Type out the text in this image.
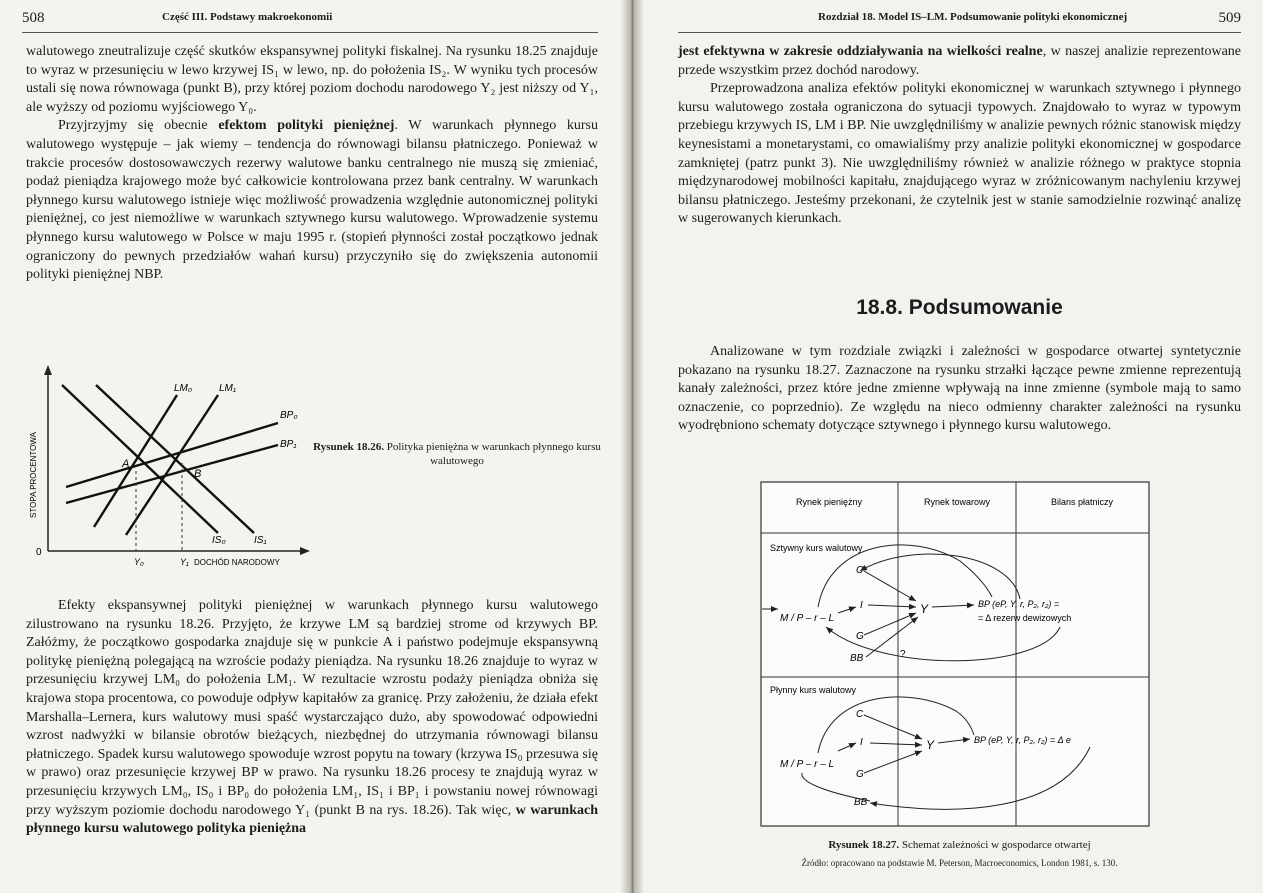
508	Część III. Podstawy makroekonomii

walutowego zneutralizuje część skutków ekspansywnej polityki fiskalnej. Na rysunku 18.25 znajduje to wyraz w przesunięciu w lewo krzywej IS₁ w lewo, np. do położenia IS₂. W wyniku tych procesów ustali się nowa równowaga (punkt B), przy której poziom dochodu narodowego Y₂ jest niższy od Y₁, ale wyższy od poziomu wyjściowego Y₀.

Przyjrzyjmy się obecnie efektom polityki pieniężnej. W warunkach płynnego kursu walutowego występuje – jak wiemy – tendencja do równowagi bilansu płatniczego. Ponieważ w trakcie procesów dostosowawczych rezerwy walutowe banku centralnego nie muszą się zmieniać, podaż pieniądza krajowego może być całkowicie kontrolowana przez bank centralny. W warunkach płynnego kursu walutowego istnieje więc możliwość prowadzenia względnie autonomicznej polityki pieniężnej, co jest niemożliwe w warunkach sztywnego kursu walutowego. Wprowadzenie systemu płynnego kursu walutowego w Polsce w maju 1995 r. (stopień płynności został początkowo jednak ograniczony do pewnych przedziałów wahań kursu) przyczyniło się do zwiększenia autonomii polityki pieniężnej NBP.

STOPA PROCENTOWA
0
LM₀	LM₁
BP₀
BP₁
IS₀	IS₁
A
B
Y₀	Y₁ DOCHÓD NARODOWY
Rysunek 18.26. Polityka pieniężna w warunkach płynnego kursu walutowego

Efekty ekspansywnej polityki pieniężnej w warunkach płynnego kursu walutowego zilustrowano na rysunku 18.26. Przyjęto, że krzywe LM są bardziej strome od krzywych BP. Załóżmy, że początkowo gospodarka znajduje się w punkcie A i państwo podejmuje ekspansywną politykę pieniężną polegającą na wzroście podaży pieniądza. Na rysunku 18.26 znajduje to wyraz w przesunięciu krzywej LM₀ do położenia LM₁. W rezultacie wzrostu podaży pieniądza obniża się krajowa stopa procentowa, co powoduje odpływ kapitałów za granicę. Przy założeniu, że działa efekt Marshalla–Lernera, kurs walutowy musi spaść wystarczająco dużo, aby spowodować odpowiedni wzrost nadwyżki w bilansie obrotów bieżących, niezbędnej do utrzymania równowagi bilansu płatniczego. Spadek kursu walutowego spowoduje wzrost popytu na towary (krzywa IS₀ przesuwa się w prawo) oraz przesunięcie krzywej BP w prawo. Na rysunku 18.26 procesy te znajdują wyraz w przesunięciu krzywych LM₀, IS₀ i BP₀ do położenia LM₁, IS₁ i BP₁ i powstaniu nowej równowagi przy wyższym poziomie dochodu narodowego Y₁ (punkt B na rys. 18.26). Tak więc, w warunkach płynnego kursu walutowego polityka pieniężna

Rozdział 18. Model IS–LM. Podsumowanie polityki ekonomicznej	509

jest efektywna w zakresie oddziaływania na wielkości realne, w naszej analizie reprezentowane przede wszystkim przez dochód narodowy.

Przeprowadzona analiza efektów polityki ekonomicznej w warunkach sztywnego i płynnego kursu walutowego została ograniczona do sytuacji typowych. Znajdowało to wyraz w typowym przebiegu krzywych IS, LM i BP. Nie uwzględniliśmy w analizie pewnych różnic stanowisk między keynesistami a monetarystami, co omawialiśmy przy analizie polityki ekonomicznej w gospodarce zamkniętej (patrz punkt 3). Nie uwzględniliśmy również w analizie różnego w praktyce stopnia międzynarodowej mobilności kapitału, znajdującego wyraz w zróżnicowanym nachyleniu krzywej bilansu płatniczego. Jesteśmy przekonani, że czytelnik jest w stanie samodzielnie rozwinąć analizę w sugerowanych kierunkach.

18.8. Podsumowanie

Analizowane w tym rozdziale związki i zależności w gospodarce otwartej syntetycznie pokazano na rysunku 18.27. Zaznaczone na rysunku strzałki łączące pewne zmienne reprezentują kanały zależności, przez które jedne zmienne wpływają na inne zmienne (symbole mają to samo oznaczenie, co poprzednio). Ze względu na nieco odmienny charakter zależności na rysunku wyodrębniono schematy dotyczące sztywnego i płynnego kursu walutowego.

Rynek pieniężny	Rynek towarowy	Bilans płatniczy
Sztywny kurs walutowy
M / P – r – L
C
I
G
BB
Y
?
BP (eP, Y, r, P₂, r₂) =
= Δ rezerw dewizowych
Płynny kurs walutowy
M / P – r – L
C
I
G
BB
Y	BP (eP, Y, r, P₂, r₂) = Δ e
Rysunek 18.27. Schemat zależności w gospodarce otwartej
Źródło: opracowano na podstawie M. Peterson, Macroeconomics, London 1981, s. 130.
